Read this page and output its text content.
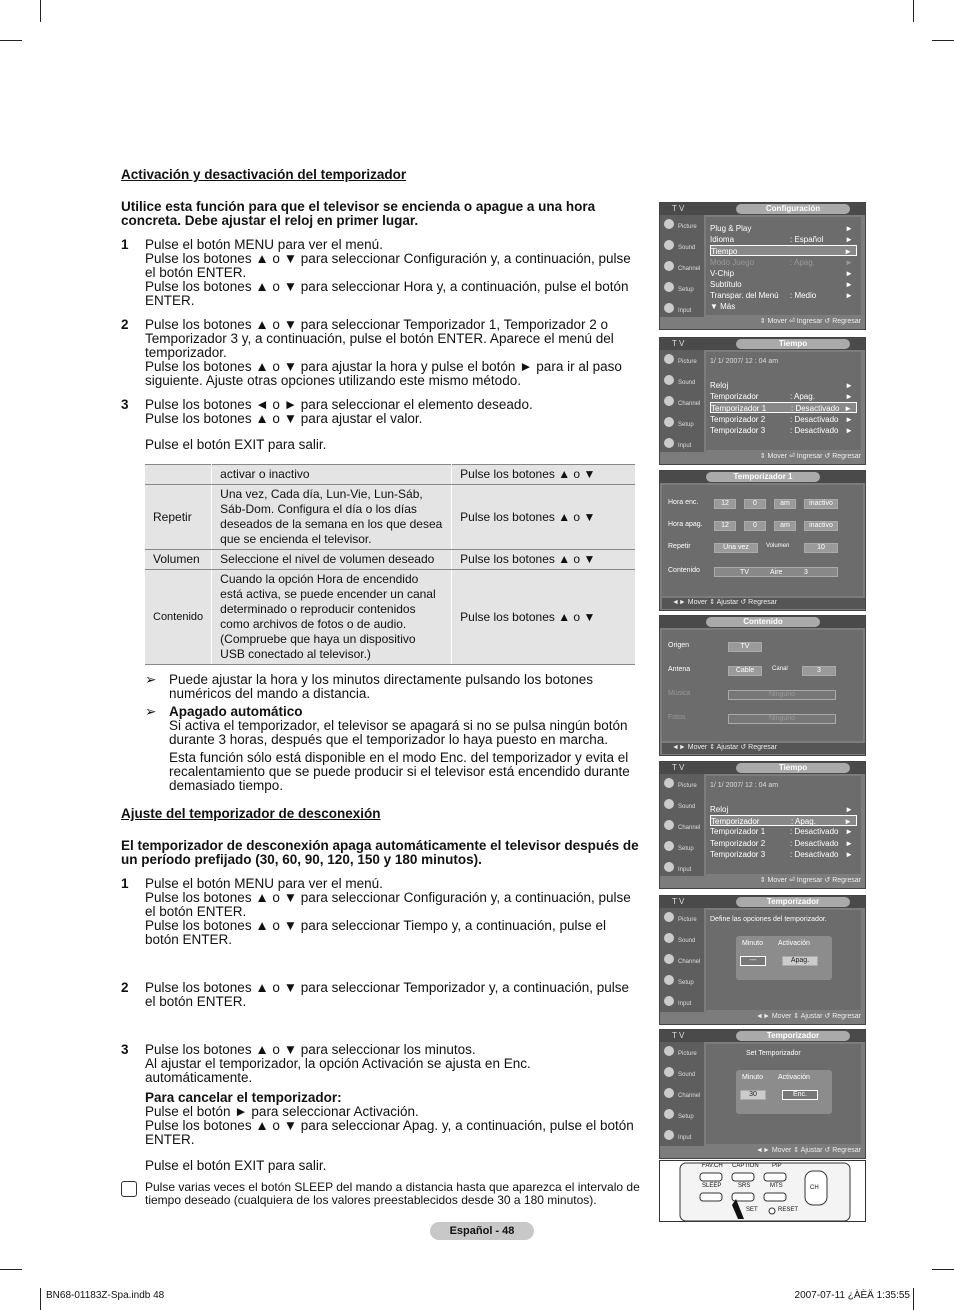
Activación y desactivación del temporizador
Utilice esta función para que el televisor se encienda o apague a una hora concreta. Debe ajustar el reloj en primer lugar.
1 Pulse el botón MENU para ver el menú.

Pulse los botones ▲ o ▼ para seleccionar Configuración y, a continuación, pulse el botón ENTER.

Pulse los botones ▲ o ▼ para seleccionar Hora y, a continuación, pulse el botón ENTER.

2 Pulse los botones ▲ o ▼ para seleccionar Temporizador 1, Temporizador 2 o Temporizador 3 y, a continuación, pulse el botón ENTER. Aparece el menú del temporizador.

Pulse los botones ▲ o ▼ para ajustar la hora y pulse el botón ► para ir al paso siguiente. Ajuste otras opciones utilizando este mismo método.

3 Pulse los botones ◄ o ► para seleccionar el elemento deseado.

Pulse los botones ▲ o ▼ para ajustar el valor.

Pulse el botón EXIT para salir.

	activar o inactivo	Pulse los botones ▲ o ▼
Repetir	Una vez, Cada día, Lun-Vie, Lun-Sáb, Sáb-Dom. Configura el día o los días deseados de la semana en los que desea que se encienda el televisor.	Pulse los botones ▲ o ▼
Volumen	Seleccione el nivel de volumen deseado	Pulse los botones ▲ o ▼
Contenido	Cuando la opción Hora de encendido está activa, se puede encender un canal determinado o reproducir contenidos como archivos de fotos o de audio. (Compruebe que haya un dispositivo USB conectado al televisor.)	Pulse los botones ▲ o ▼
➢ Puede ajustar la hora y los minutos directamente pulsando los botones numéricos del mando a distancia.

➢ Apagado automático

Si activa el temporizador, el televisor se apagará si no se pulsa ningún botón durante 3 horas, después que el temporizador lo haya puesto en marcha.

Esta función sólo está disponible en el modo Enc. del temporizador y evita el recalentamiento que se puede producir si el televisor está encendido durante demasiado tiempo.

Ajuste del temporizador de desconexión
El temporizador de desconexión apaga automáticamente el televisor después de un período prefijado (30, 60, 90, 120, 150 y 180 minutos).
1 Pulse el botón MENU para ver el menú.

Pulse los botones ▲ o ▼ para seleccionar Configuración y, a continuación, pulse el botón ENTER.

Pulse los botones ▲ o ▼ para seleccionar Tiempo y, a continuación, pulse el botón ENTER.

2 Pulse los botones ▲ o ▼ para seleccionar Temporizador y, a continuación, pulse el botón ENTER.

3 Pulse los botones ▲ o ▼ para seleccionar los minutos.

Al ajustar el temporizador, la opción Activación se ajusta en Enc. automáticamente.

Para cancelar el temporizador:

Pulse el botón ► para seleccionar Activación.

Pulse los botones ▲ o ▼ para seleccionar Apag. y, a continuación, pulse el botón ENTER.

Pulse el botón EXIT para salir.

Pulse varias veces el botón SLEEP del mando a distancia hasta que aparezca el intervalo de tiempo deseado (cualquiera de los valores preestablecidos desde 30 a 180 minutos).

T V	Configuración
Picture
Sound
Channel
Setup
Input
Plug & Play	►
Idioma	: Español	►
Tiempo	►
Modo Juego	: Apag.	►
V-Chip	►
Subtítulo	►
Transpar. del Menú : Medio	►
▼ Más
⇕ Mover ⏎ Ingresar ↺ Regresar
T V	Tiempo
Picture
Sound
Channel
Setup
Input
1/ 1/ 2007/ 12 : 04 am
Reloj	►
Temporizador	: Apag.	►
Temporizador 1	: Desactivado ►
Temporizador 2	: Desactivado ►
Temporizador 3	: Desactivado ►
⇕ Mover ⏎ Ingresar ↺ Regresar
Temporizador 1
Hora enc.	12	0	am	inactivo
Hora apag.	12	0	am	inactivo
Repetir	Una vez	Volumen	10
Contenido	TV	Aire	3
◄► Mover ⇕ Ajustar ↺ Regresar
Contenido
Origen	TV
Antena	Cable	Canal	3
Música	Ninguno
Fotos	Ninguno
◄► Mover ⇕ Ajustar ↺ Regresar
T V	Tiempo
Picture
Sound
Channel
Setup
Input
1/ 1/ 2007/ 12 : 04 am
Reloj	►
Temporizador	: Apag.	►
Temporizador 1	: Desactivado ►
Temporizador 2	: Desactivado ►
Temporizador 3	: Desactivado ►
⇕ Mover ⏎ Ingresar ↺ Regresar
T V	Temporizador
Picture
Sound
Channel
Setup
Input
Define las opciones del temporizador.
Minuto Activación
---	Apag.
◄► Mover ⇕ Ajustar ↺ Regresar
T V	Temporizador
Picture
Sound
Channel
Setup
Input
Set Temporizador
Minuto Activación
30	Enc.
◄► Mover ⇕ Ajustar ↺ Regresar
FAV.CH CAPTION PIP
SLEEP	SRS	MTS	CH
SET	RESET
Español - 48
BN68-01183Z-Spa.indb 48	2007-07-11 ¿ÀÈÄ 1:35:55
